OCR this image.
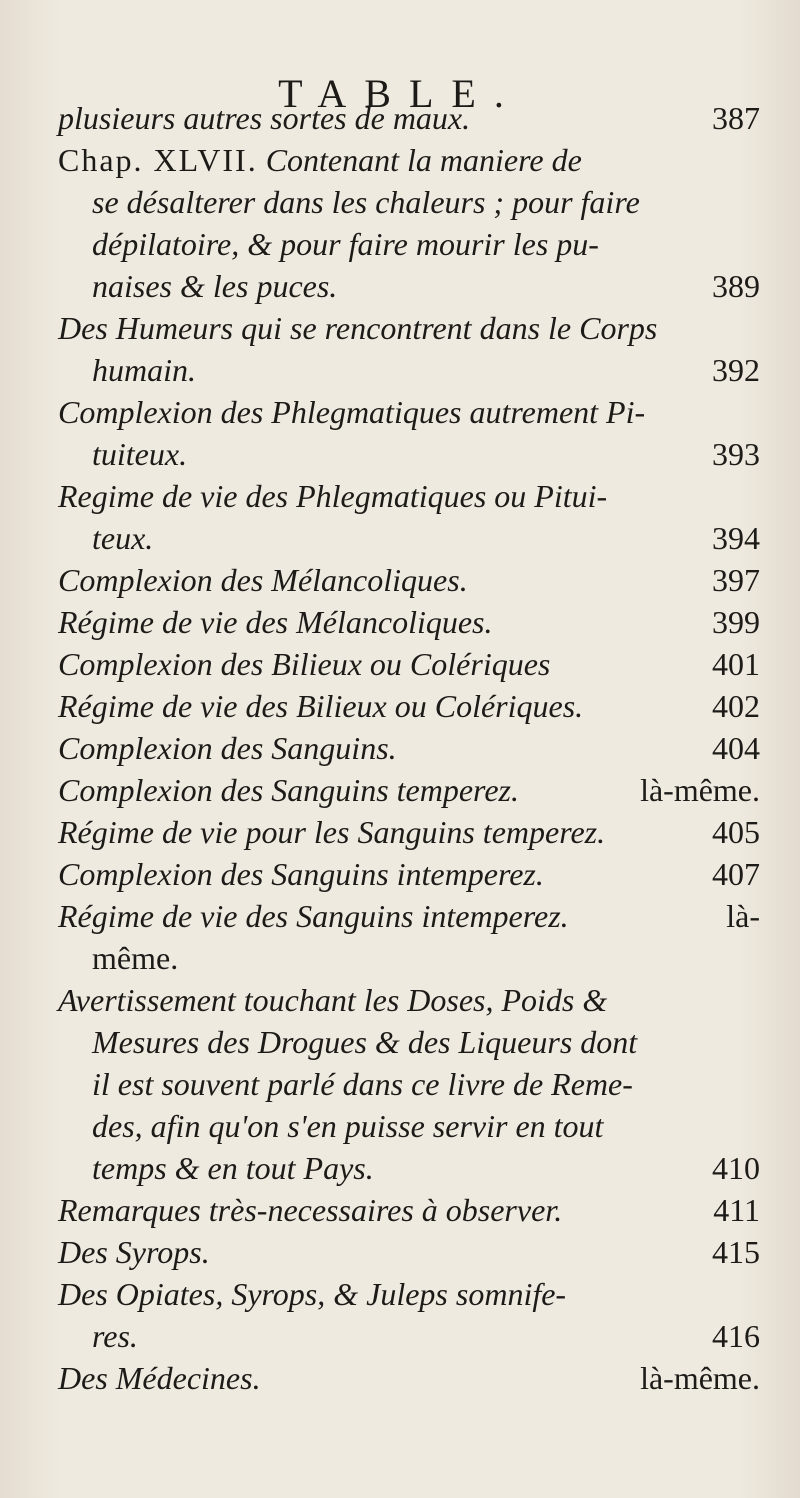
TABLE.
plusieurs autres sortes de maux.	387
Chap. XLVII. Contenant la maniere de
se désalterer dans les chaleurs ; pour faire
dépilatoire, & pour faire mourir les pu-
naises & les puces.	389
Des Humeurs qui se rencontrent dans le Corps
humain.	392
Complexion des Phlegmatiques autrement Pi-
tuiteux.	393
Regime de vie des Phlegmatiques ou Pitui-
teux.	394
Complexion des Mélancoliques.	397
Régime de vie des Mélancoliques.	399
Complexion des Bilieux ou Colériques	401
Régime de vie des Bilieux ou Colériques.	402
Complexion des Sanguins.	404
Complexion des Sanguins temperez.	là-même.
Régime de vie pour les Sanguins temperez.	405
Complexion des Sanguins intemperez.	407
Régime de vie des Sanguins intemperez.	là-
même.
Avertissement touchant les Doses, Poids &
Mesures des Drogues & des Liqueurs dont
il est souvent parlé dans ce livre de Reme-
des, afin qu'on s'en puisse servir en tout
temps & en tout Pays.	410
Remarques très-necessaires à observer.	411
Des Syrops.	415
Des Opiates, Syrops, & Juleps somnife-
res.	416
Des Médecines.	là-même.
